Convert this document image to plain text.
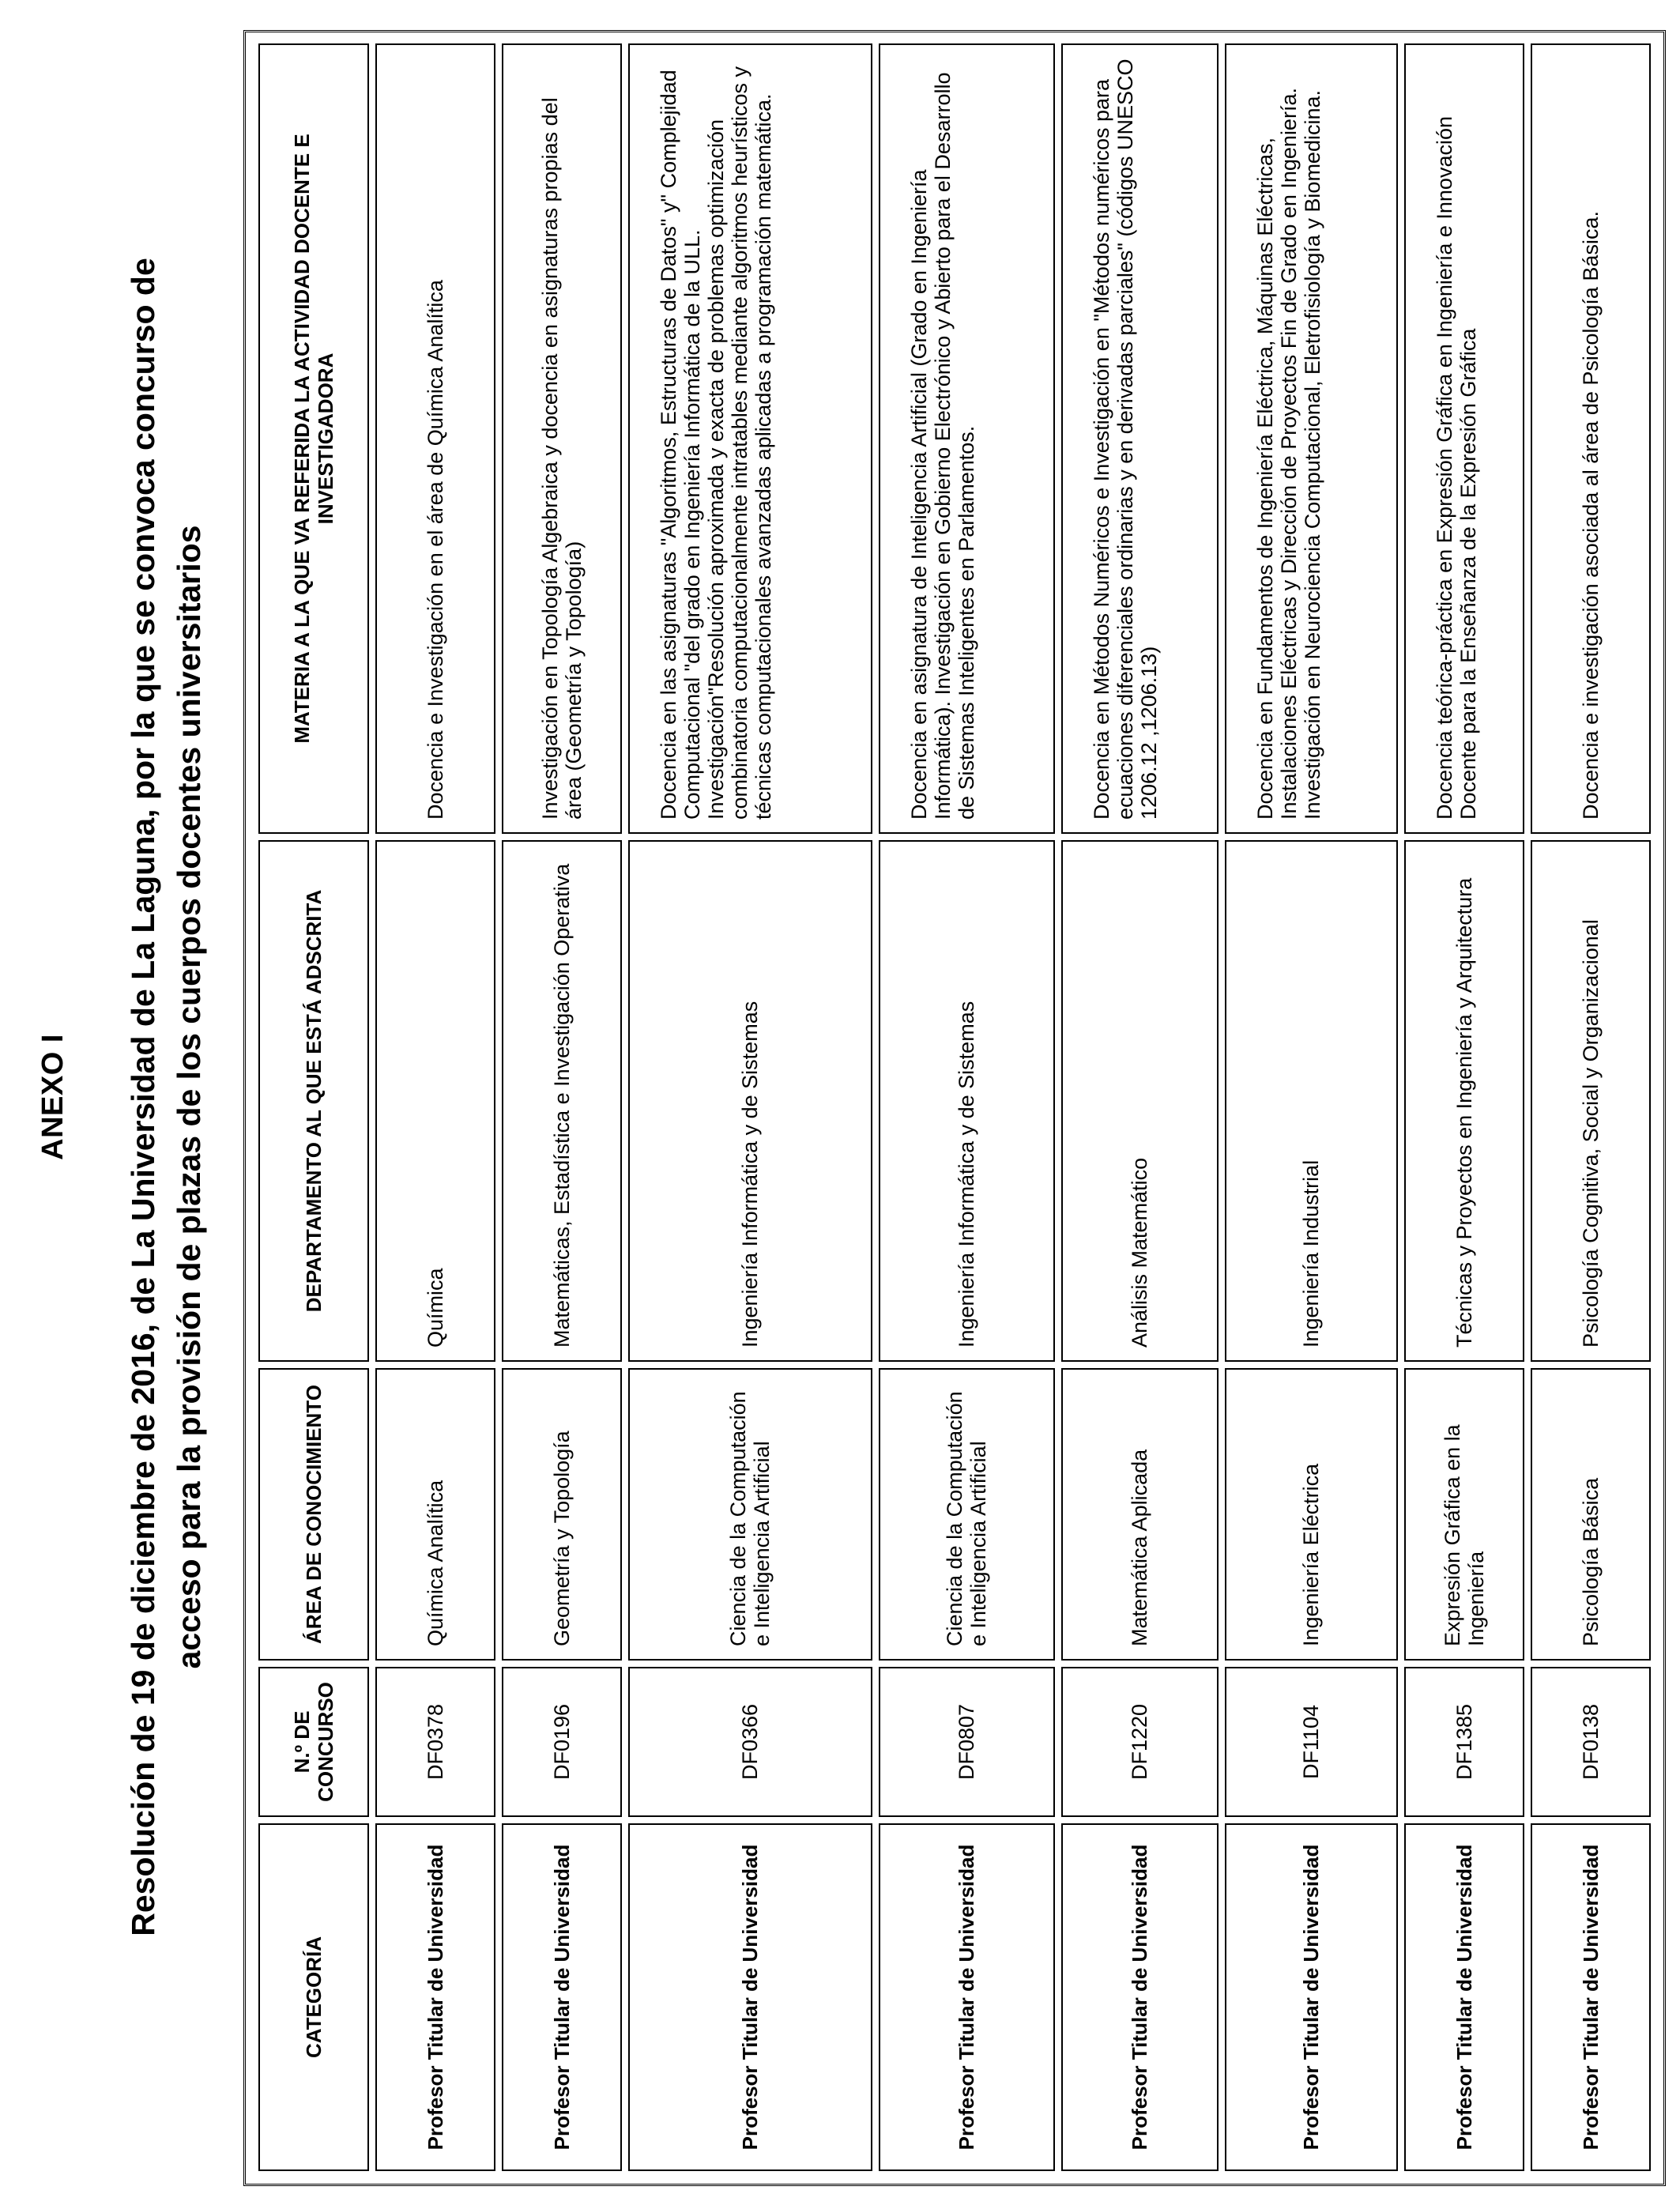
ANEXO I Resolución de 19 de diciembre de 2016, de La Universidad de La Laguna, por la que se convoca concurso de acceso para la provisión de plazas de los cuerpos docentes universitarios
CATEGORÍA	N.º DE CONCURSO	ÁREA DE CONOCIMIENTO	DEPARTAMENTO AL QUE ESTÁ ADSCRITA	MATERIA A LA QUE VA REFERIDA LA ACTIVIDAD DOCENTE E INVESTIGADORA
Profesor Titular de Universidad	DF0378	Química Analítica	Química	Docencia e Investigación en el área de Química Analítica
Profesor Titular de Universidad	DF0196	Geometría y Topología	Matemáticas, Estadística e Investigación Operativa	Investigación en Topología Algebraica y docencia en asignaturas propias del área (Geometría y Topología)
Profesor Titular de Universidad	DF0366	Ciencia de la Computación e Inteligencia Artificial	Ingeniería Informática y de Sistemas	Docencia en las asignaturas "Algoritmos, Estructuras de Datos" y" Complejidad Computacional "del grado en Ingeniería Informática de la ULL. Investigación"Resolución aproximada y exacta de problemas optimización combinatoria computacionalmente intratables mediante algoritmos heurísticos y técnicas computacionales avanzadas aplicadas a programación matemática.
Profesor Titular de Universidad	DF0807	Ciencia de la Computación e Inteligencia Artificial	Ingeniería Informática y de Sistemas	Docencia en asignatura de Inteligencia Artificial (Grado en Ingeniería Informática). Investigación en Gobierno Electrónico y Abierto para el Desarrollo de Sistemas Inteligentes en Parlamentos.
Profesor Titular de Universidad	DF1220	Matemática Aplicada	Análisis Matemático	Docencia en Métodos Numéricos e Investigación en "Métodos numéricos para ecuaciones diferenciales ordinarias y en derivadas parciales" (códigos UNESCO 1206.12 ,1206.13)
Profesor Titular de Universidad	DF1104	Ingeniería Eléctrica	Ingeniería Industrial	Docencia en Fundamentos de Ingeniería Eléctrica, Máquinas Eléctricas, Instalaciones Eléctricas y Dirección de Proyectos Fin de Grado en Ingeniería. Investigación en Neurociencia Computacional, Eletrofisiología y Biomedicina.
Profesor Titular de Universidad	DF1385	Expresión Gráfica en la Ingeniería	Técnicas y Proyectos en Ingeniería y Arquitectura	Docencia teórica-práctica en Expresión Gráfica en Ingeniería e Innovación Docente para la Enseñanza de la Expresión Gráfica
Profesor Titular de Universidad	DF0138	Psicología Básica	Psicología Cognitiva, Social y Organizacional	Docencia e investigación asociada al área de Psicología Básica.
